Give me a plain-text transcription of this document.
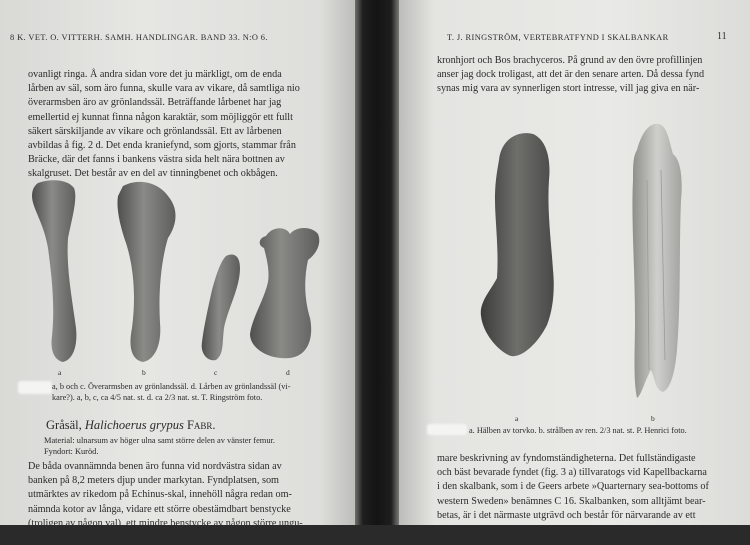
8 K. VET. O. VITTERH. SAMH. HANDLINGAR. BAND 33. N:O 6.
ovanligt ringa. Å andra sidan vore det ju märkligt, om de enda
lårben av säl, som äro funna, skulle vara av vikare, då samtliga nio
överarmsben äro av grönlandssäl. Beträffande lårbenet har jag
emellertid ej kunnat finna någon karaktär, som möjliggör ett fullt
säkert särskiljande av vikare och grönlandssäl. Ett av lårbenen
avbildas å fig. 2 d. Det enda kraniefynd, som gjorts, stammar från
Bräcke, där det fanns i bankens västra sida helt nära bottnen av
skalgruset. Det består av en del av tinningbenet och okbågen.
a	b	c	d
a, b och c. Överarmsben av grönlandssäl. d. Lårben av grönlandssäl (vi-
kare?). a, b, c, ca 4/5 nat. st. d. ca 2/3 nat. st. T. Ringström foto.
Gråsäl, Halichoerus grypus Fabr.
Material: ulnarsum av höger ulna samt större delen av vänster femur.
Fyndort: Kuröd.
De båda ovannämnda benen äro funna vid nordvästra sidan av
banken på 8,2 meters djup under markytan. Fyndplatsen, som
utmärktes av rikedom på Echinus-skal, innehöll några redan om-
nämnda kotor av långa, vidare ett större obestämdbart benstycke
(troligen av någon val), ett mindre benstycke av någon större ungu-
lat samt skalgrus med talrika...
T. J. RINGSTRÖM, VERTEBRATFYND I SKALBANKAR	11
kronhjort och Bos brachyceros. På grund av den övre profillinjen
anser jag dock troligast, att det är den senare arten. Då dessa fynd
synas mig vara av synnerligen stort intresse, vill jag giva en när-
a	b
a. Hälben av torvko. b. strålben av ren. 2/3 nat. st. P. Henrici foto.
mare beskrivning av fyndomständigheterna. Det fullständigaste
och bäst bevarade fyndet (fig. 3 a) tillvaratogs vid Kapellbackarna
i den skalbank, som i de Geers arbete »Quarternary sea-bottoms of
western Sweden» benämnes C 16. Skalbanken, som alltjämt bear-
betas, är i det närmaste utgrävd och består för närvarande av ett
mindre parti löpande parallellt med järnvägsbanken. Benet till-
